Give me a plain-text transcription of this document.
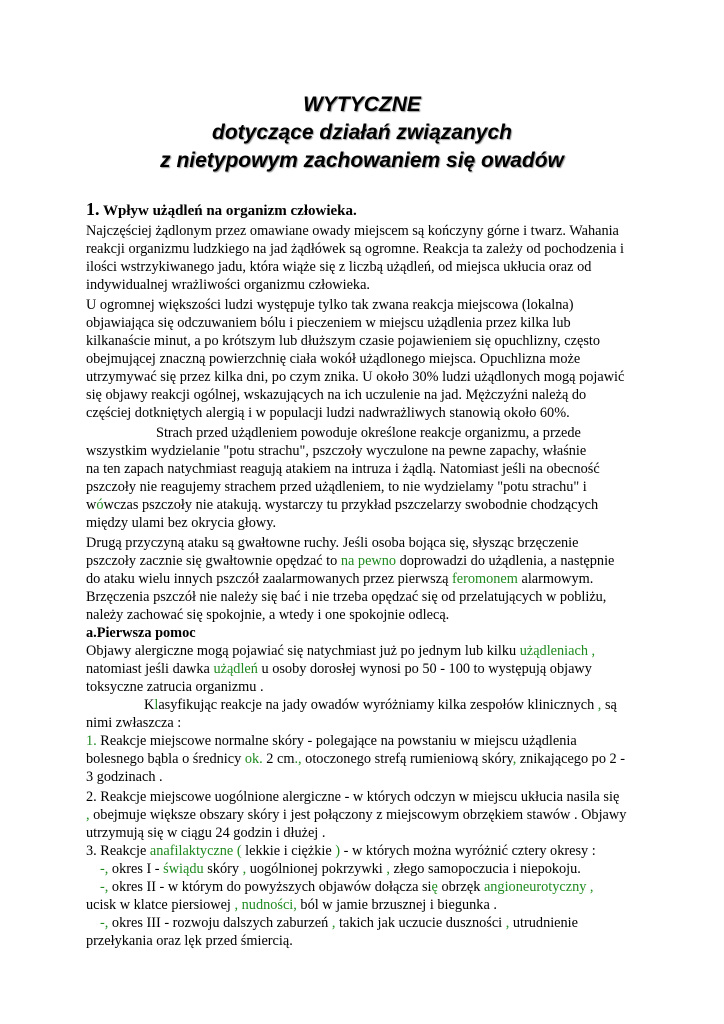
WYTYCZNE
dotyczące działań związanych
z nietypowym zachowaniem się owadów
1. Wpływ użądleń na organizm człowieka.
Najczęściej żądlonym przez omawiane owady miejscem są kończyny górne i twarz. Wahania
reakcji organizmu ludzkiego na jad żądłówek są ogromne. Reakcja ta zależy od pochodzenia i
ilości wstrzykiwanego jadu, która wiąże się z liczbą użądleń, od miejsca ukłucia oraz od
indywidualnej wrażliwości organizmu człowieka.
U ogromnej większości ludzi występuje tylko tak zwana reakcja miejscowa (lokalna)
objawiająca się odczuwaniem bólu i pieczeniem w miejscu użądlenia przez kilka lub
kilkanaście minut, a po krótszym lub dłuższym czasie pojawieniem się opuchlizny, często
obejmującej znaczną powierzchnię ciała wokół użądlonego miejsca. Opuchlizna może
utrzymywać się przez kilka dni, po czym znika. U około 30% ludzi użądlonych mogą pojawić
się objawy reakcji ogólnej, wskazujących na ich uczulenie na jad. Mężczyźni należą do
częściej dotkniętych alergią i w populacji ludzi nadwrażliwych stanowią około 60%.
Strach przed użądleniem powoduje określone reakcje organizmu, a przede
wszystkim wydzielanie "potu strachu", pszczoły wyczulone na pewne zapachy, właśnie
na ten zapach natychmiast reagują atakiem na intruza i żądlą. Natomiast jeśli na obecność
pszczoły nie reagujemy strachem przed użądleniem, to nie wydzielamy "potu strachu" i
wówczas pszczoły nie atakują. wystarczy tu przykład pszczelarzy swobodnie chodzących
między ulami bez okrycia głowy.
Drugą przyczyną ataku są gwałtowne ruchy. Jeśli osoba bojąca się, słysząc brzęczenie
pszczoły zacznie się gwałtownie opędzać to na pewno doprowadzi do użądlenia, a następnie
do ataku wielu innych pszczół zaalarmowanych przez pierwszą feromonem alarmowym.
Brzęczenia pszczół nie należy się bać i nie trzeba opędzać się od przelatujących w pobliżu,
należy zachować się spokojnie, a wtedy i one spokojnie odlecą.
a.Pierwsza pomoc
Objawy alergiczne mogą pojawiać się natychmiast już po jednym lub kilku użądleniach ,
natomiast jeśli dawka użądleń u osoby dorosłej wynosi po 50 - 100 to występują objawy
toksyczne zatrucia organizmu .
Klasyfikując reakcje na jady owadów wyróżniamy kilka zespołów klinicznych , są
nimi zwłaszcza :
1. Reakcje miejscowe normalne skóry - polegające na powstaniu w miejscu użądlenia
bolesnego bąbla o średnicy ok. 2 cm., otoczonego strefą rumieniową skóry, znikającego po 2 -
3 godzinach .
2. Reakcje miejscowe uogólnione alergiczne - w których odczyn w miejscu ukłucia nasila się
, obejmuje większe obszary skóry i jest połączony z miejscowym obrzękiem stawów . Objawy
utrzymują się w ciągu 24 godzin i dłużej .
3. Reakcje anafilaktyczne ( lekkie i ciężkie ) - w których można wyróżnić cztery okresy :
-, okres I - świądu skóry , uogólnionej pokrzywki , złego samopoczucia i niepokoju.
-, okres II - w którym do powyższych objawów dołącza się obrzęk angioneurotyczny ,
ucisk w klatce piersiowej , nudności, ból w jamie brzusznej i biegunka .
-, okres III - rozwoju dalszych zaburzeń , takich jak uczucie duszności , utrudnienie
przełykania oraz lęk przed śmiercią.
